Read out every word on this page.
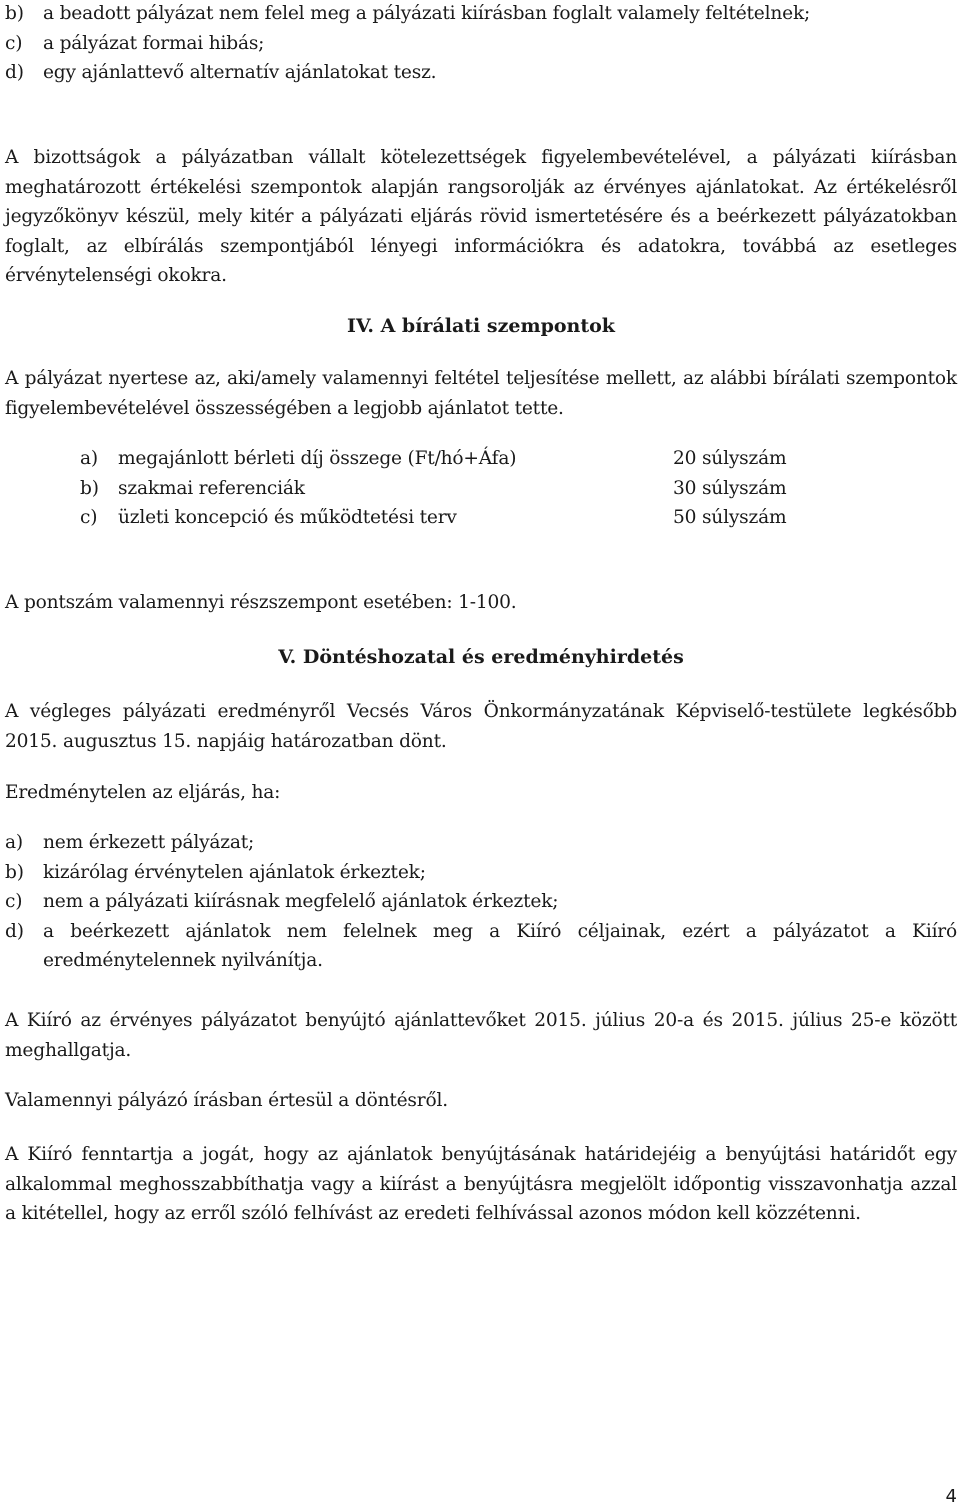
b)	a beadott pályázat nem felel meg a pályázati kiírásban foglalt valamely feltételnek;
c)	a pályázat formai hibás;
d)	egy ajánlattevő alternatív ajánlatokat tesz.

A bizottságok a pályázatban vállalt kötelezettségek figyelembevételével, a pályázati kiírásban meghatározott értékelési szempontok alapján rangsorolják az érvényes ajánlatokat. Az értékelésről jegyzőkönyv készül, mely kitér a pályázati eljárás rövid ismertetésére és a beérkezett pályázatokban foglalt, az elbírálás szempontjából lényegi információkra és adatokra, továbbá az esetleges érvénytelenségi okokra.

IV. A bírálati szempontok

A pályázat nyertese az, aki/amely valamennyi feltétel teljesítése mellett, az alábbi bírálati szempontok figyelembevételével összességében a legjobb ajánlatot tette.

a)	megajánlott bérleti díj összege (Ft/hó+Áfa)	20 súlyszám
b)	szakmai referenciák	30 súlyszám
c)	üzleti koncepció és működtetési terv	50 súlyszám

A pontszám valamennyi részszempont esetében: 1-100.

V. Döntéshozatal és eredményhirdetés

A végleges pályázati eredményről Vecsés Város Önkormányzatának Képviselő-testülete legkésőbb 2015. augusztus 15. napjáig határozatban dönt.

Eredménytelen az eljárás, ha:

a)	nem érkezett pályázat;
b)	kizárólag érvénytelen ajánlatok érkeztek;
c)	nem a pályázati kiírásnak megfelelő ajánlatok érkeztek;
d)	a beérkezett ajánlatok nem felelnek meg a Kiíró céljainak, ezért a pályázatot a Kiíró eredménytelennek nyilvánítja.

A Kiíró az érvényes pályázatot benyújtó ajánlattevőket 2015. július 20-a és 2015. július 25-e között meghallgatja.

Valamennyi pályázó írásban értesül a döntésről.

A Kiíró fenntartja a jogát, hogy az ajánlatok benyújtásának határidejéig a benyújtási határidőt egy alkalommal meghosszabbíthatja vagy a kiírást a benyújtásra megjelölt időpontig visszavonhatja azzal a kitétellel, hogy az erről szóló felhívást az eredeti felhívással azonos módon kell közzétenni.

4
